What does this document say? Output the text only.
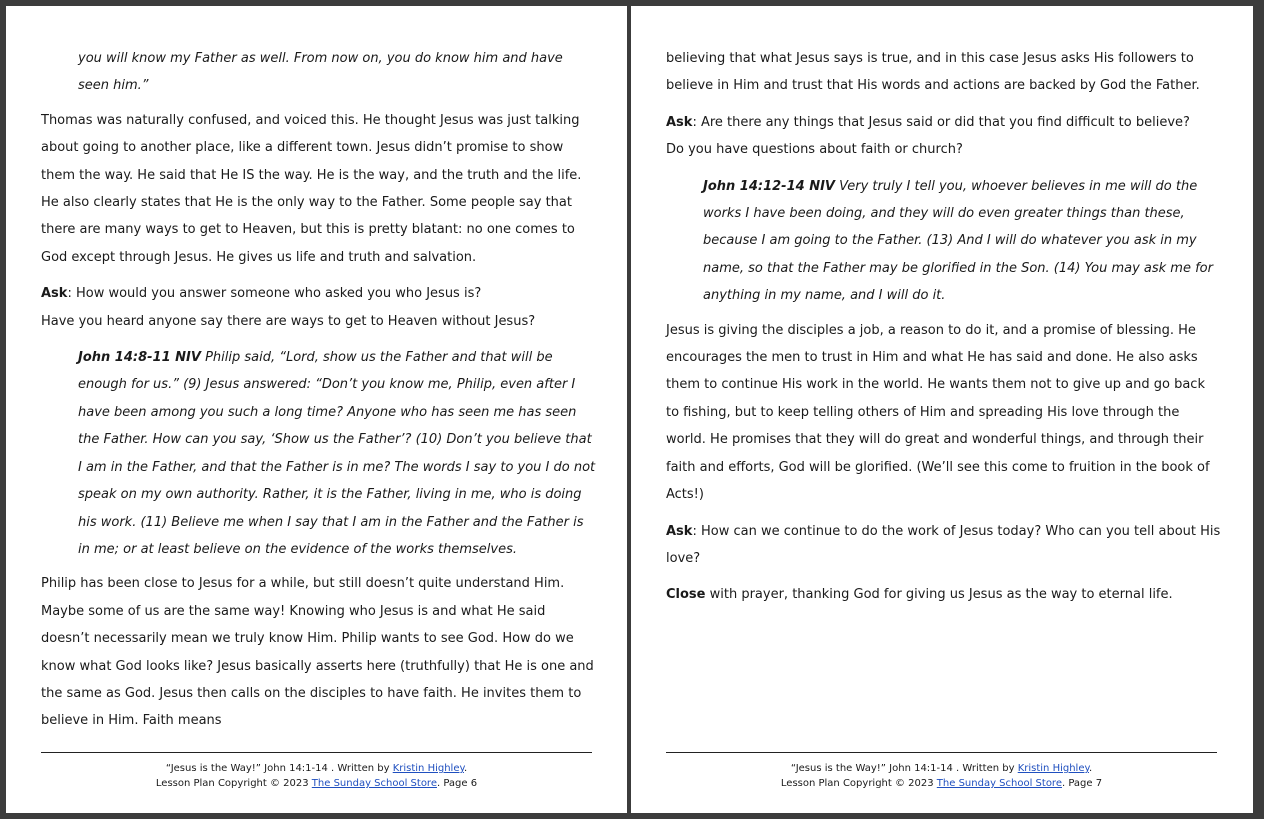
you will know my Father as well. From now on, you do know him and have seen him.”

Thomas was naturally confused, and voiced this. He thought Jesus was just talking about going to another place, like a different town. Jesus didn’t promise to show them the way. He said that He IS the way. He is the way, and the truth and the life. He also clearly states that He is the only way to the Father. Some people say that there are many ways to get to Heaven, but this is pretty blatant: no one comes to God except through Jesus. He gives us life and truth and salvation.

Ask: How would you answer someone who asked you who Jesus is?

Have you heard anyone say there are ways to get to Heaven without Jesus?

John 14:8-11 NIV Philip said, “Lord, show us the Father and that will be enough for us.” (9) Jesus answered: “Don’t you know me, Philip, even after I have been among you such a long time? Anyone who has seen me has seen the Father. How can you say, ‘Show us the Father’? (10) Don’t you believe that I am in the Father, and that the Father is in me? The words I say to you I do not speak on my own authority. Rather, it is the Father, living in me, who is doing his work. (11) Believe me when I say that I am in the Father and the Father is in me; or at least believe on the evidence of the works themselves.

Philip has been close to Jesus for a while, but still doesn’t quite understand Him. Maybe some of us are the same way! Knowing who Jesus is and what He said doesn’t necessarily mean we truly know Him. Philip wants to see God. How do we know what God looks like? Jesus basically asserts here (truthfully) that He is one and the same as God. Jesus then calls on the disciples to have faith. He invites them to believe in Him. Faith means

“Jesus is the Way!” John 14:1-14 . Written by Kristin Highley.
Lesson Plan Copyright © 2023 The Sunday School Store. Page 6

believing that what Jesus says is true, and in this case Jesus asks His followers to believe in Him and trust that His words and actions are backed by God the Father.

Ask: Are there any things that Jesus said or did that you find difficult to believe?

Do you have questions about faith or church?

John 14:12-14 NIV Very truly I tell you, whoever believes in me will do the works I have been doing, and they will do even greater things than these, because I am going to the Father. (13) And I will do whatever you ask in my name, so that the Father may be glorified in the Son. (14) You may ask me for anything in my name, and I will do it.

Jesus is giving the disciples a job, a reason to do it, and a promise of blessing. He encourages the men to trust in Him and what He has said and done. He also asks them to continue His work in the world. He wants them not to give up and go back to fishing, but to keep telling others of Him and spreading His love through the world. He promises that they will do great and wonderful things, and through their faith and efforts, God will be glorified. (We’ll see this come to fruition in the book of Acts!)

Ask: How can we continue to do the work of Jesus today? Who can you tell about His love?

Close with prayer, thanking God for giving us Jesus as the way to eternal life.

“Jesus is the Way!” John 14:1-14 . Written by Kristin Highley.
Lesson Plan Copyright © 2023 The Sunday School Store. Page 7
